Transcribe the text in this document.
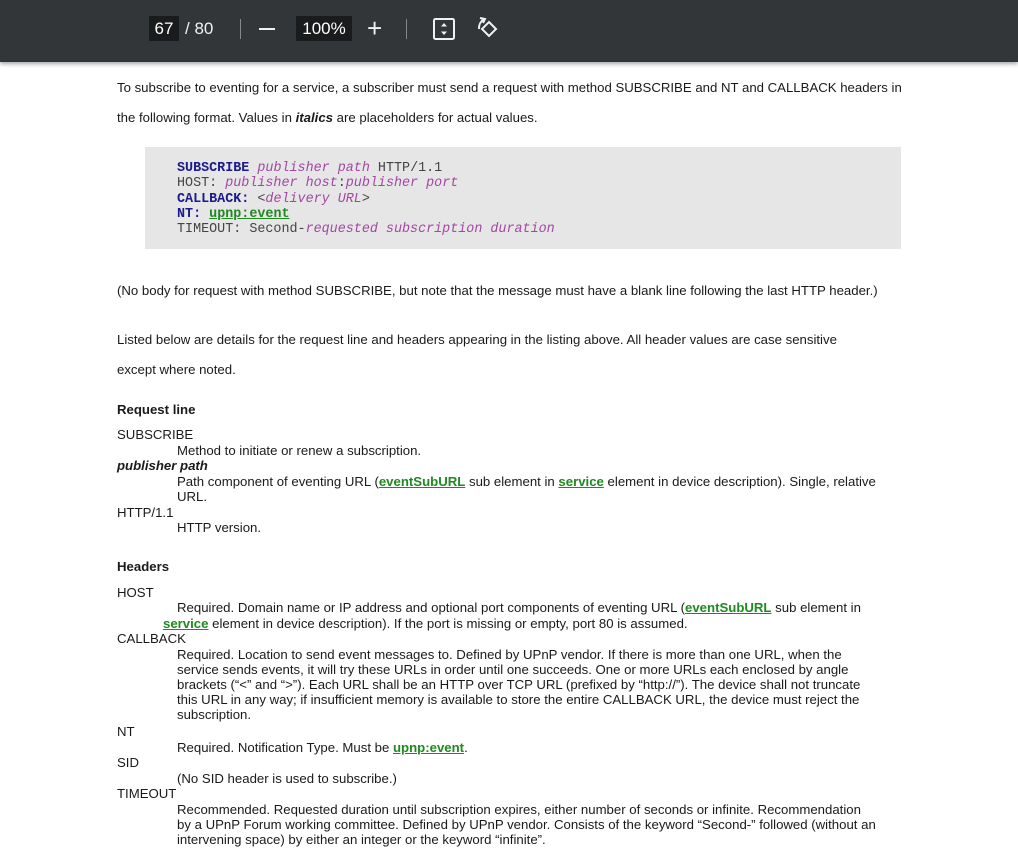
67 / 80	100% +
To subscribe to eventing for a service, a subscriber must send a request with method SUBSCRIBE and NT and CALLBACK headers in
the following format. Values in italics are placeholders for actual values.
SUBSCRIBE publisher path HTTP/1.1
HOST: publisher host:publisher port
CALLBACK: <delivery URL>
NT: upnp:event
TIMEOUT: Second-requested subscription duration
(No body for request with method SUBSCRIBE, but note that the message must have a blank line following the last HTTP header.)
Listed below are details for the request line and headers appearing in the listing above. All header values are case sensitive
except where noted.
Request line
SUBSCRIBE
Method to initiate or renew a subscription.
publisher path
Path component of eventing URL (eventSubURL sub element in service element in device description). Single, relative
URL.
HTTP/1.1
HTTP version.
Headers
HOST
Required. Domain name or IP address and optional port components of eventing URL (eventSubURL sub element in
service element in device description). If the port is missing or empty, port 80 is assumed.
CALLBACK
Required. Location to send event messages to. Defined by UPnP vendor. If there is more than one URL, when the
service sends events, it will try these URLs in order until one succeeds. One or more URLs each enclosed by angle
brackets (“<” and “>”). Each URL shall be an HTTP over TCP URL (prefixed by “http://”). The device shall not truncate
this URL in any way; if insufficient memory is available to store the entire CALLBACK URL, the device must reject the
subscription.
NT
Required. Notification Type. Must be upnp:event.
SID
(No SID header is used to subscribe.)
TIMEOUT
Recommended. Requested duration until subscription expires, either number of seconds or infinite. Recommendation
by a UPnP Forum working committee. Defined by UPnP vendor. Consists of the keyword “Second-” followed (without an
intervening space) by either an integer or the keyword “infinite”.
